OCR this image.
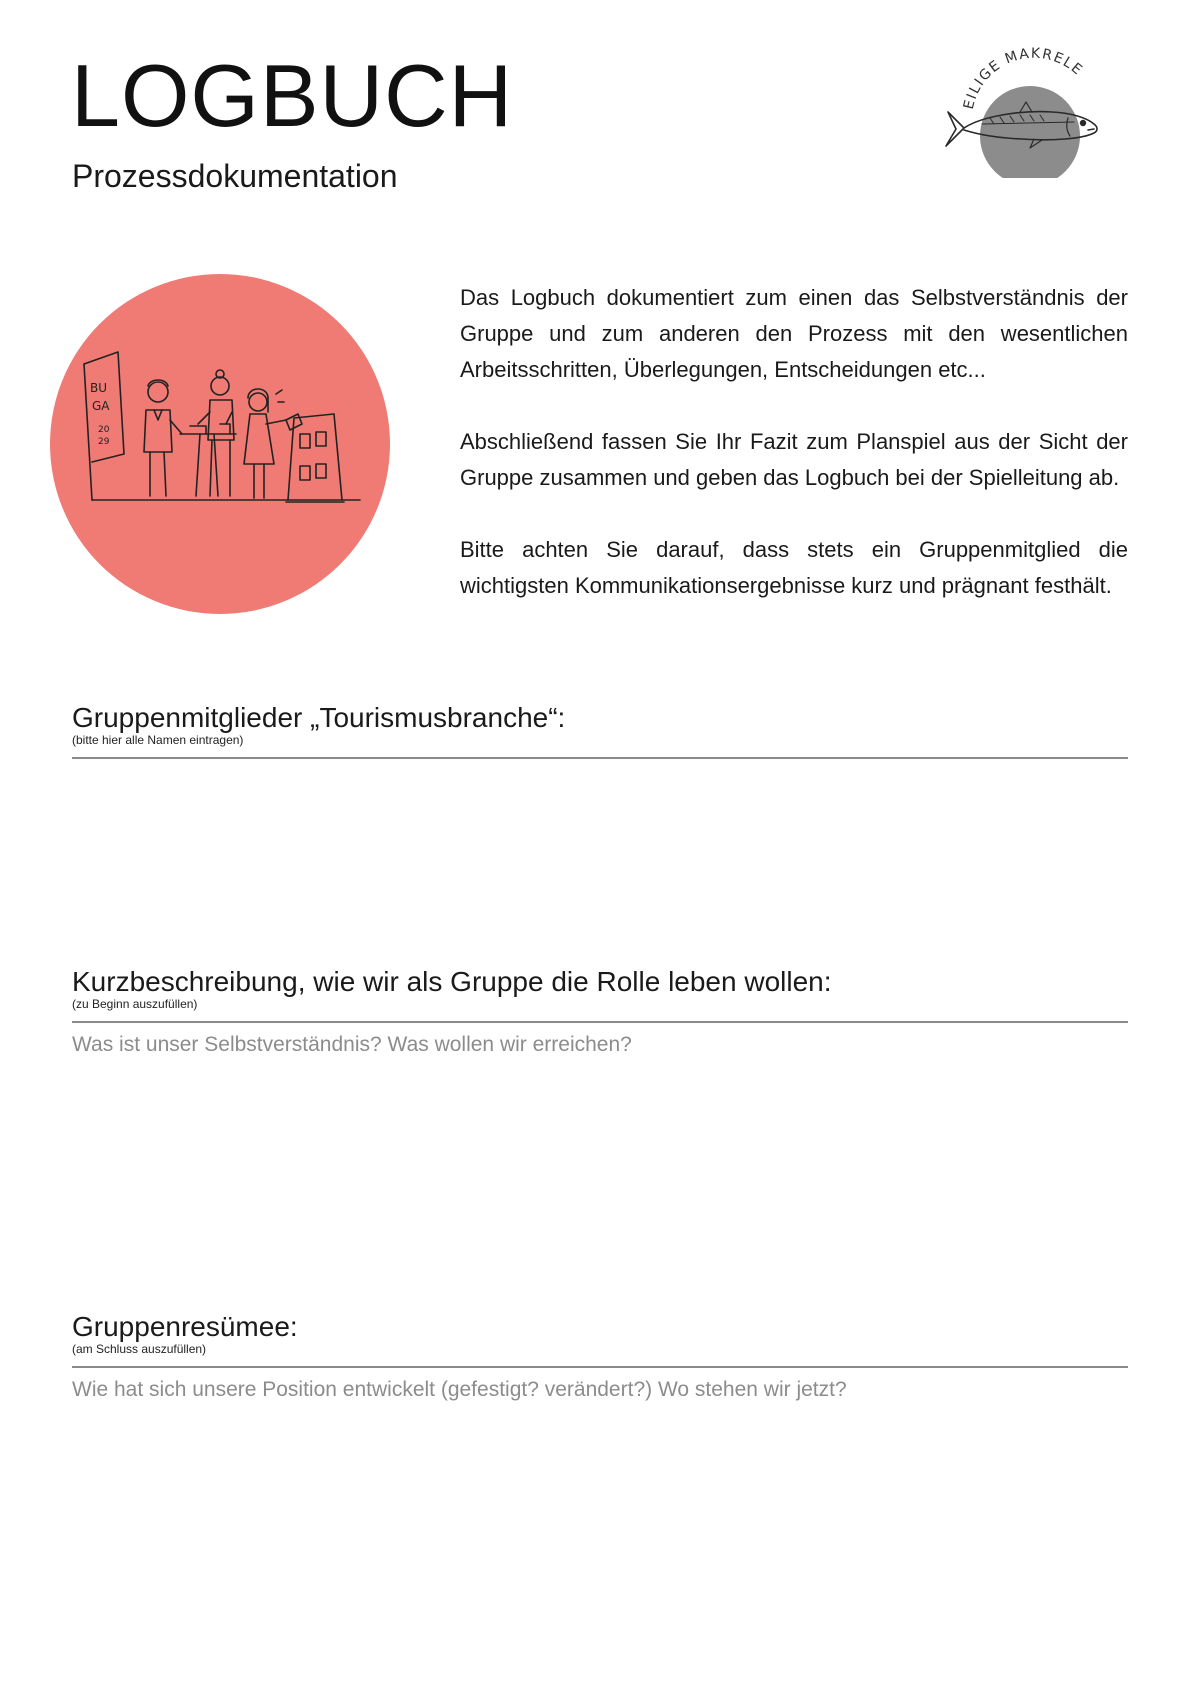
LOGBUCH
Prozessdokumentation
EILIGE MAKRELE
BU
GA
20
29

Das Logbuch dokumentiert zum einen das Selbstverständnis der Gruppe und zum anderen den Prozess mit den wesentlichen Arbeitsschritten, Überlegungen, Entscheidungen etc...

Abschließend fassen Sie Ihr Fazit zum Planspiel aus der Sicht der Gruppe zusammen und geben das Logbuch bei der Spielleitung ab.

Bitte achten Sie darauf, dass stets ein Gruppenmitglied die wichtigsten Kommunikationsergebnisse kurz und prägnant festhält.

Gruppenmitglieder „Tourismusbranche“:
(bitte hier alle Namen eintragen)
Kurzbeschreibung, wie wir als Gruppe die Rolle leben wollen:
(zu Beginn auszufüllen)
Was ist unser Selbstverständnis? Was wollen wir erreichen?
Gruppenresümee:
(am Schluss auszufüllen)
Wie hat sich unsere Position entwickelt (gefestigt? verändert?) Wo stehen wir jetzt?
